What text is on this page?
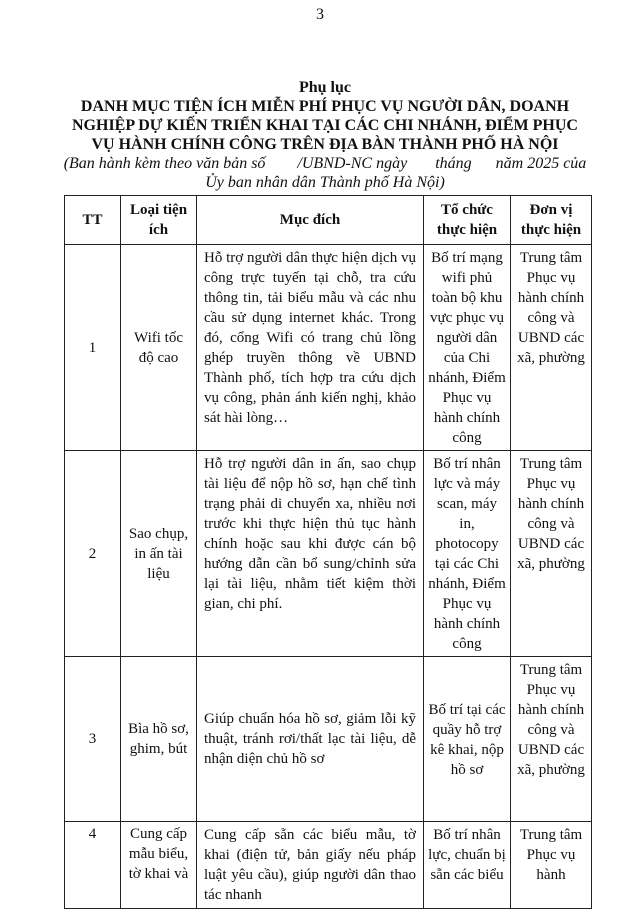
3
Phụ lục
DANH MỤC TIỆN ÍCH MIỄN PHÍ PHỤC VỤ NGƯỜI DÂN, DOANH
NGHIỆP DỰ KIẾN TRIỂN KHAI TẠI CÁC CHI NHÁNH, ĐIỂM PHỤC
VỤ HÀNH CHÍNH CÔNG TRÊN ĐỊA BÀN THÀNH PHỐ HÀ NỘI
(Ban hành kèm theo văn bản số        /UBND-NC ngày       tháng      năm 2025 của
Ủy ban nhân dân Thành phố Hà Nội)
TT	Loại tiện ích	Mục đích	Tổ chức thực hiện	Đơn vị thực hiện
1	Wifi tốc độ cao	Hỗ trợ người dân thực hiện dịch vụ công trực tuyến tại chỗ, tra cứu thông tin, tải biểu mẫu và các nhu cầu sử dụng internet khác. Trong đó, cổng Wifi có trang chủ lồng ghép truyền thông về UBND Thành phố, tích hợp tra cứu dịch vụ công, phản ánh kiến nghị, khảo sát hài lòng…	Bố trí mạng wifi phủ toàn bộ khu vực phục vụ người dân của Chi nhánh, Điểm Phục vụ hành chính công	Trung tâm Phục vụ hành chính công và UBND các xã, phường
2	Sao chụp, in ấn tài liệu	Hỗ trợ người dân in ấn, sao chụp tài liệu để nộp hồ sơ, hạn chế tình trạng phải di chuyển xa, nhiều nơi trước khi thực hiện thủ tục hành chính hoặc sau khi được cán bộ hướng dẫn cần bổ sung/chỉnh sửa lại tài liệu, nhằm tiết kiệm thời gian, chi phí.	Bố trí nhân lực và máy scan, máy in, photocopy tại các Chi nhánh, Điểm Phục vụ hành chính công	Trung tâm Phục vụ hành chính công và UBND các xã, phường
3	Bìa hồ sơ, ghim, bút	Giúp chuẩn hóa hồ sơ, giảm lỗi kỹ thuật, tránh rơi/thất lạc tài liệu, dễ nhận diện chủ hồ sơ	Bố trí tại các quầy hỗ trợ kê khai, nộp hồ sơ	Trung tâm Phục vụ hành chính công và UBND các xã, phường
4	Cung cấp mẫu biểu, tờ khai và	Cung cấp sẵn các biểu mẫu, tờ khai (điện tử, bản giấy nếu pháp luật yêu cầu), giúp người dân thao tác nhanh	Bố trí nhân lực, chuẩn bị sẵn các biểu	Trung tâm Phục vụ hành
